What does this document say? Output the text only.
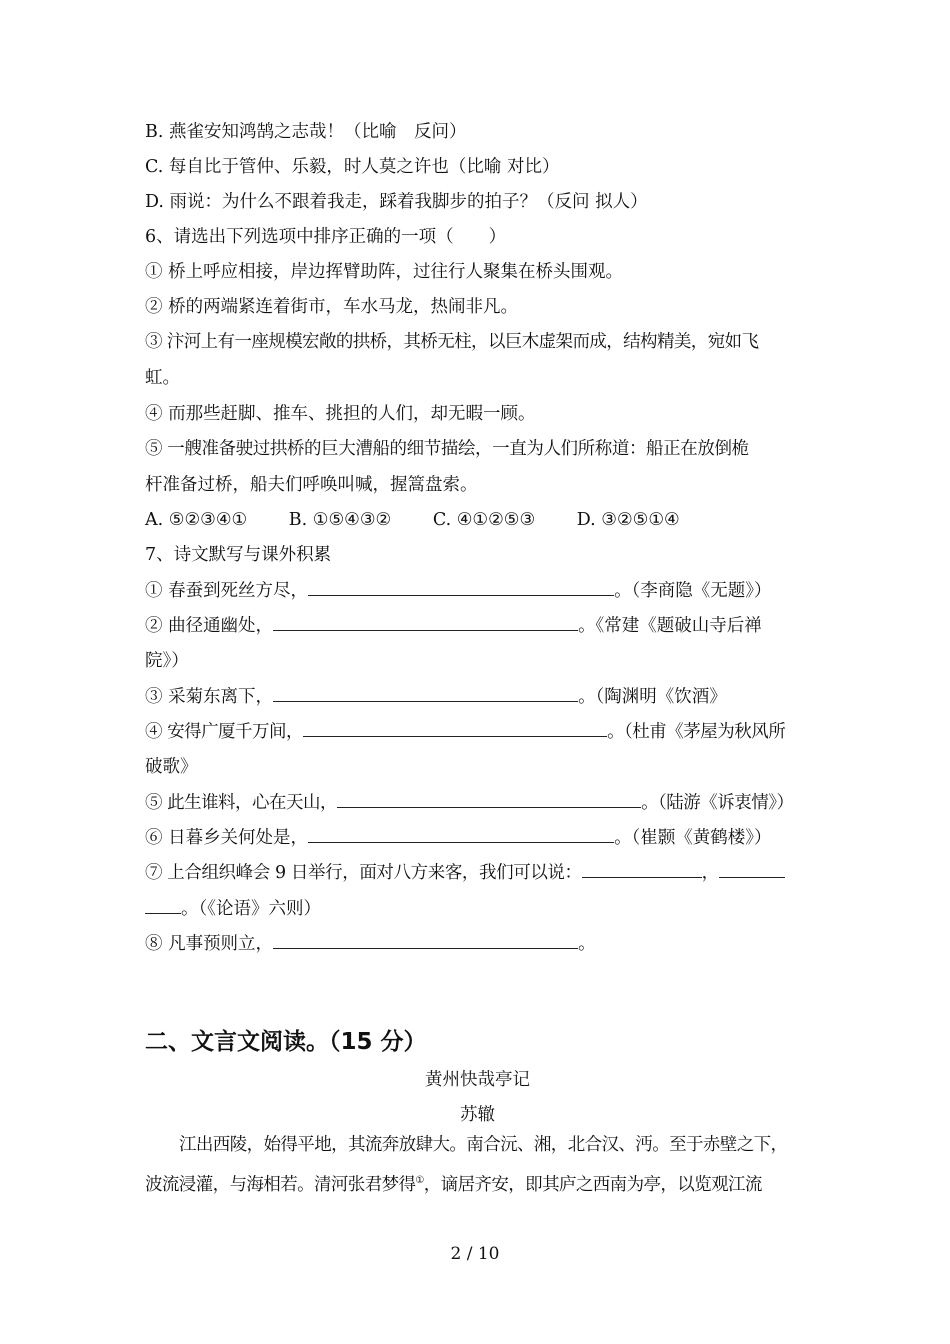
B. 燕雀安知鸿鹄之志哉！（比喻　反问）
C. 每自比于管仲、乐毅，时人莫之许也（比喻 对比）
D. 雨说：为什么不跟着我走，踩着我脚步的拍子？（反问 拟人）
6、请选出下列选项中排序正确的一项（　　）
① 桥上呼应相接，岸边挥臂助阵，过往行人聚集在桥头围观。
② 桥的两端紧连着街市，车水马龙，热闹非凡。
③ 汴河上有一座规模宏敞的拱桥，其桥无柱，以巨木虚架而成，结构精美，宛如飞
虹。
④ 而那些赶脚、推车、挑担的人们，却无暇一顾。
⑤ 一艘准备驶过拱桥的巨大漕船的细节描绘，一直为人们所称道：船正在放倒桅
杆准备过桥，船夫们呼唤叫喊，握篙盘索。
A. ⑤②③④① B. ①⑤④③② C. ④①②⑤③ D. ③②⑤①④
7、诗文默写与课外积累
① 春蚕到死丝方尽，	。（李商隐《无题》）
② 曲径通幽处，	。《常建《题破山寺后禅
院》）
③ 采菊东离下，	。（陶渊明《饮酒》
④ 安得广厦千万间，	。（杜甫《茅屋为秋风所
破歌》
⑤ 此生谁料，心在天山，	。（陆游《诉衷情》）
⑥ 日暮乡关何处是，	。（崔颢《黄鹤楼》）
⑦ 上合组织峰会 9 日举行，面对八方来客，我们可以说：	，
。（《论语》六则）
⑧ 凡事预则立，	。
二、文言文阅读。（15 分）
黄州快哉亭记
苏辙
江出西陵，始得平地，其流奔放肆大。南合沅、湘，北合汉、沔。至于赤壁之下，
波流浸灌，与海相若。清河张君梦得①，谪居齐安，即其庐之西南为亭，以览观江流
2 / 10
